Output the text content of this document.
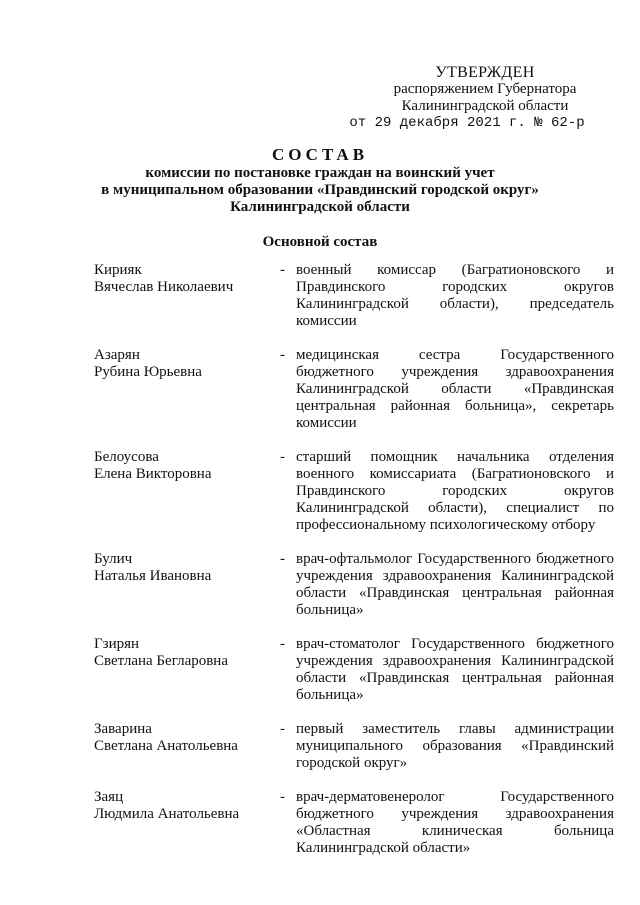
УТВЕРЖДЕН
распоряжением Губернатора
Калининградской области
от 29 декабря 2021 г. № 62-р
СОСТАВ
комиссии по постановке граждан на воинский учет
в муниципальном образовании «Правдинский городской округ»
Калининградской области
Основной состав
Кирияк
Вячеслав Николаевич
- военный комиссар (Багратионовского и Правдинского городских округов Калининградской области), председатель комиссии
Азарян
Рубина Юрьевна
- медицинская сестра Государственного бюджетного учреждения здравоохранения Калининградской области «Правдинская центральная районная больница», секретарь комиссии
Белоусова
Елена Викторовна
- старший помощник начальника отделения военного комиссариата (Багратионовского и Правдинского городских округов Калининградской области), специалист по профессиональному психологическому отбору
Булич
Наталья Ивановна
- врач-офтальмолог Государственного бюджетного учреждения здравоохранения Калининградской области «Правдинская центральная районная больница»
Гзирян
Светлана Бегларовна
- врач-стоматолог Государственного бюджетного учреждения здравоохранения Калининградской области «Правдинская центральная районная больница»
Заварина
Светлана Анатольевна
- первый заместитель главы администрации муниципального образования «Правдинский городской округ»
Заяц
Людмила Анатольевна
- врач-дерматовенеролог Государственного бюджетного учреждения здравоохранения «Областная клиническая больница Калининградской области»
